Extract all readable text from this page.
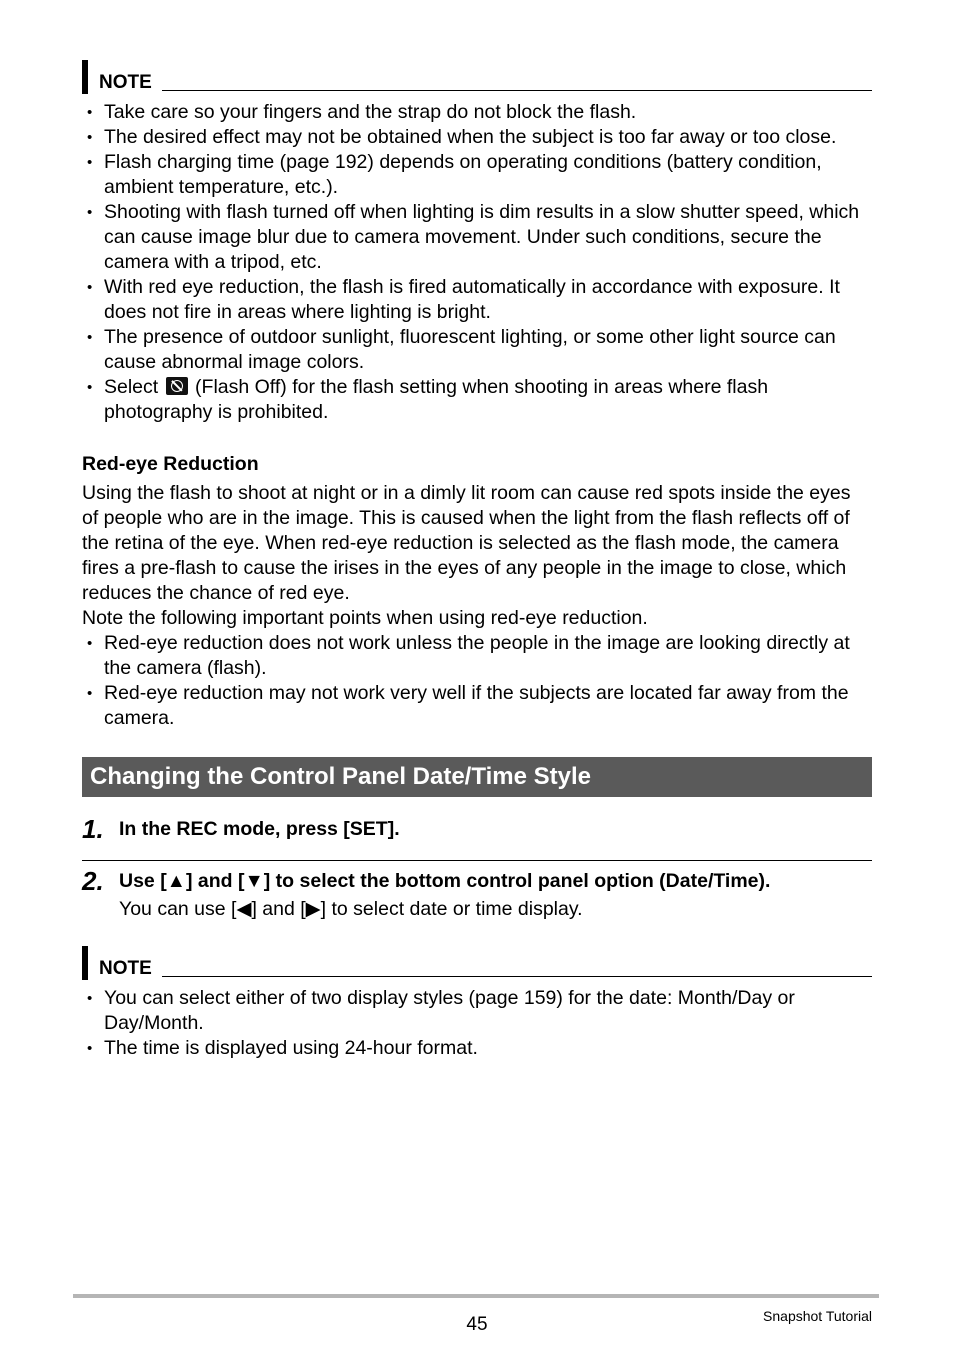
NOTE
• Take care so your fingers and the strap do not block the flash.
• The desired effect may not be obtained when the subject is too far away or too close.
• Flash charging time (page 192) depends on operating conditions (battery condition, ambient temperature, etc.).
• Shooting with flash turned off when lighting is dim results in a slow shutter speed, which can cause image blur due to camera movement. Under such conditions, secure the camera with a tripod, etc.
• With red eye reduction, the flash is fired automatically in accordance with exposure. It does not fire in areas where lighting is bright.
• The presence of outdoor sunlight, fluorescent lighting, or some other light source can cause abnormal image colors.
• Select (Flash Off) for the flash setting when shooting in areas where flash photography is prohibited.

Red-eye Reduction

Using the flash to shoot at night or in a dimly lit room can cause red spots inside the eyes of people who are in the image. This is caused when the light from the flash reflects off of the retina of the eye. When red-eye reduction is selected as the flash mode, the camera fires a pre-flash to cause the irises in the eyes of any people in the image to close, which reduces the chance of red eye.

Note the following important points when using red-eye reduction.

• Red-eye reduction does not work unless the people in the image are looking directly at the camera (flash).
• Red-eye reduction may not work very well if the subjects are located far away from the camera.
Changing the Control Panel Date/Time Style
1. In the REC mode, press [SET].
2. Use [▲] and [▼] to select the bottom control panel option (Date/Time).
You can use [◀] and [▶] to select date or time display.
NOTE
• You can select either of two display styles (page 159) for the date: Month/Day or Day/Month.
• The time is displayed using 24-hour format.
45	Snapshot Tutorial
